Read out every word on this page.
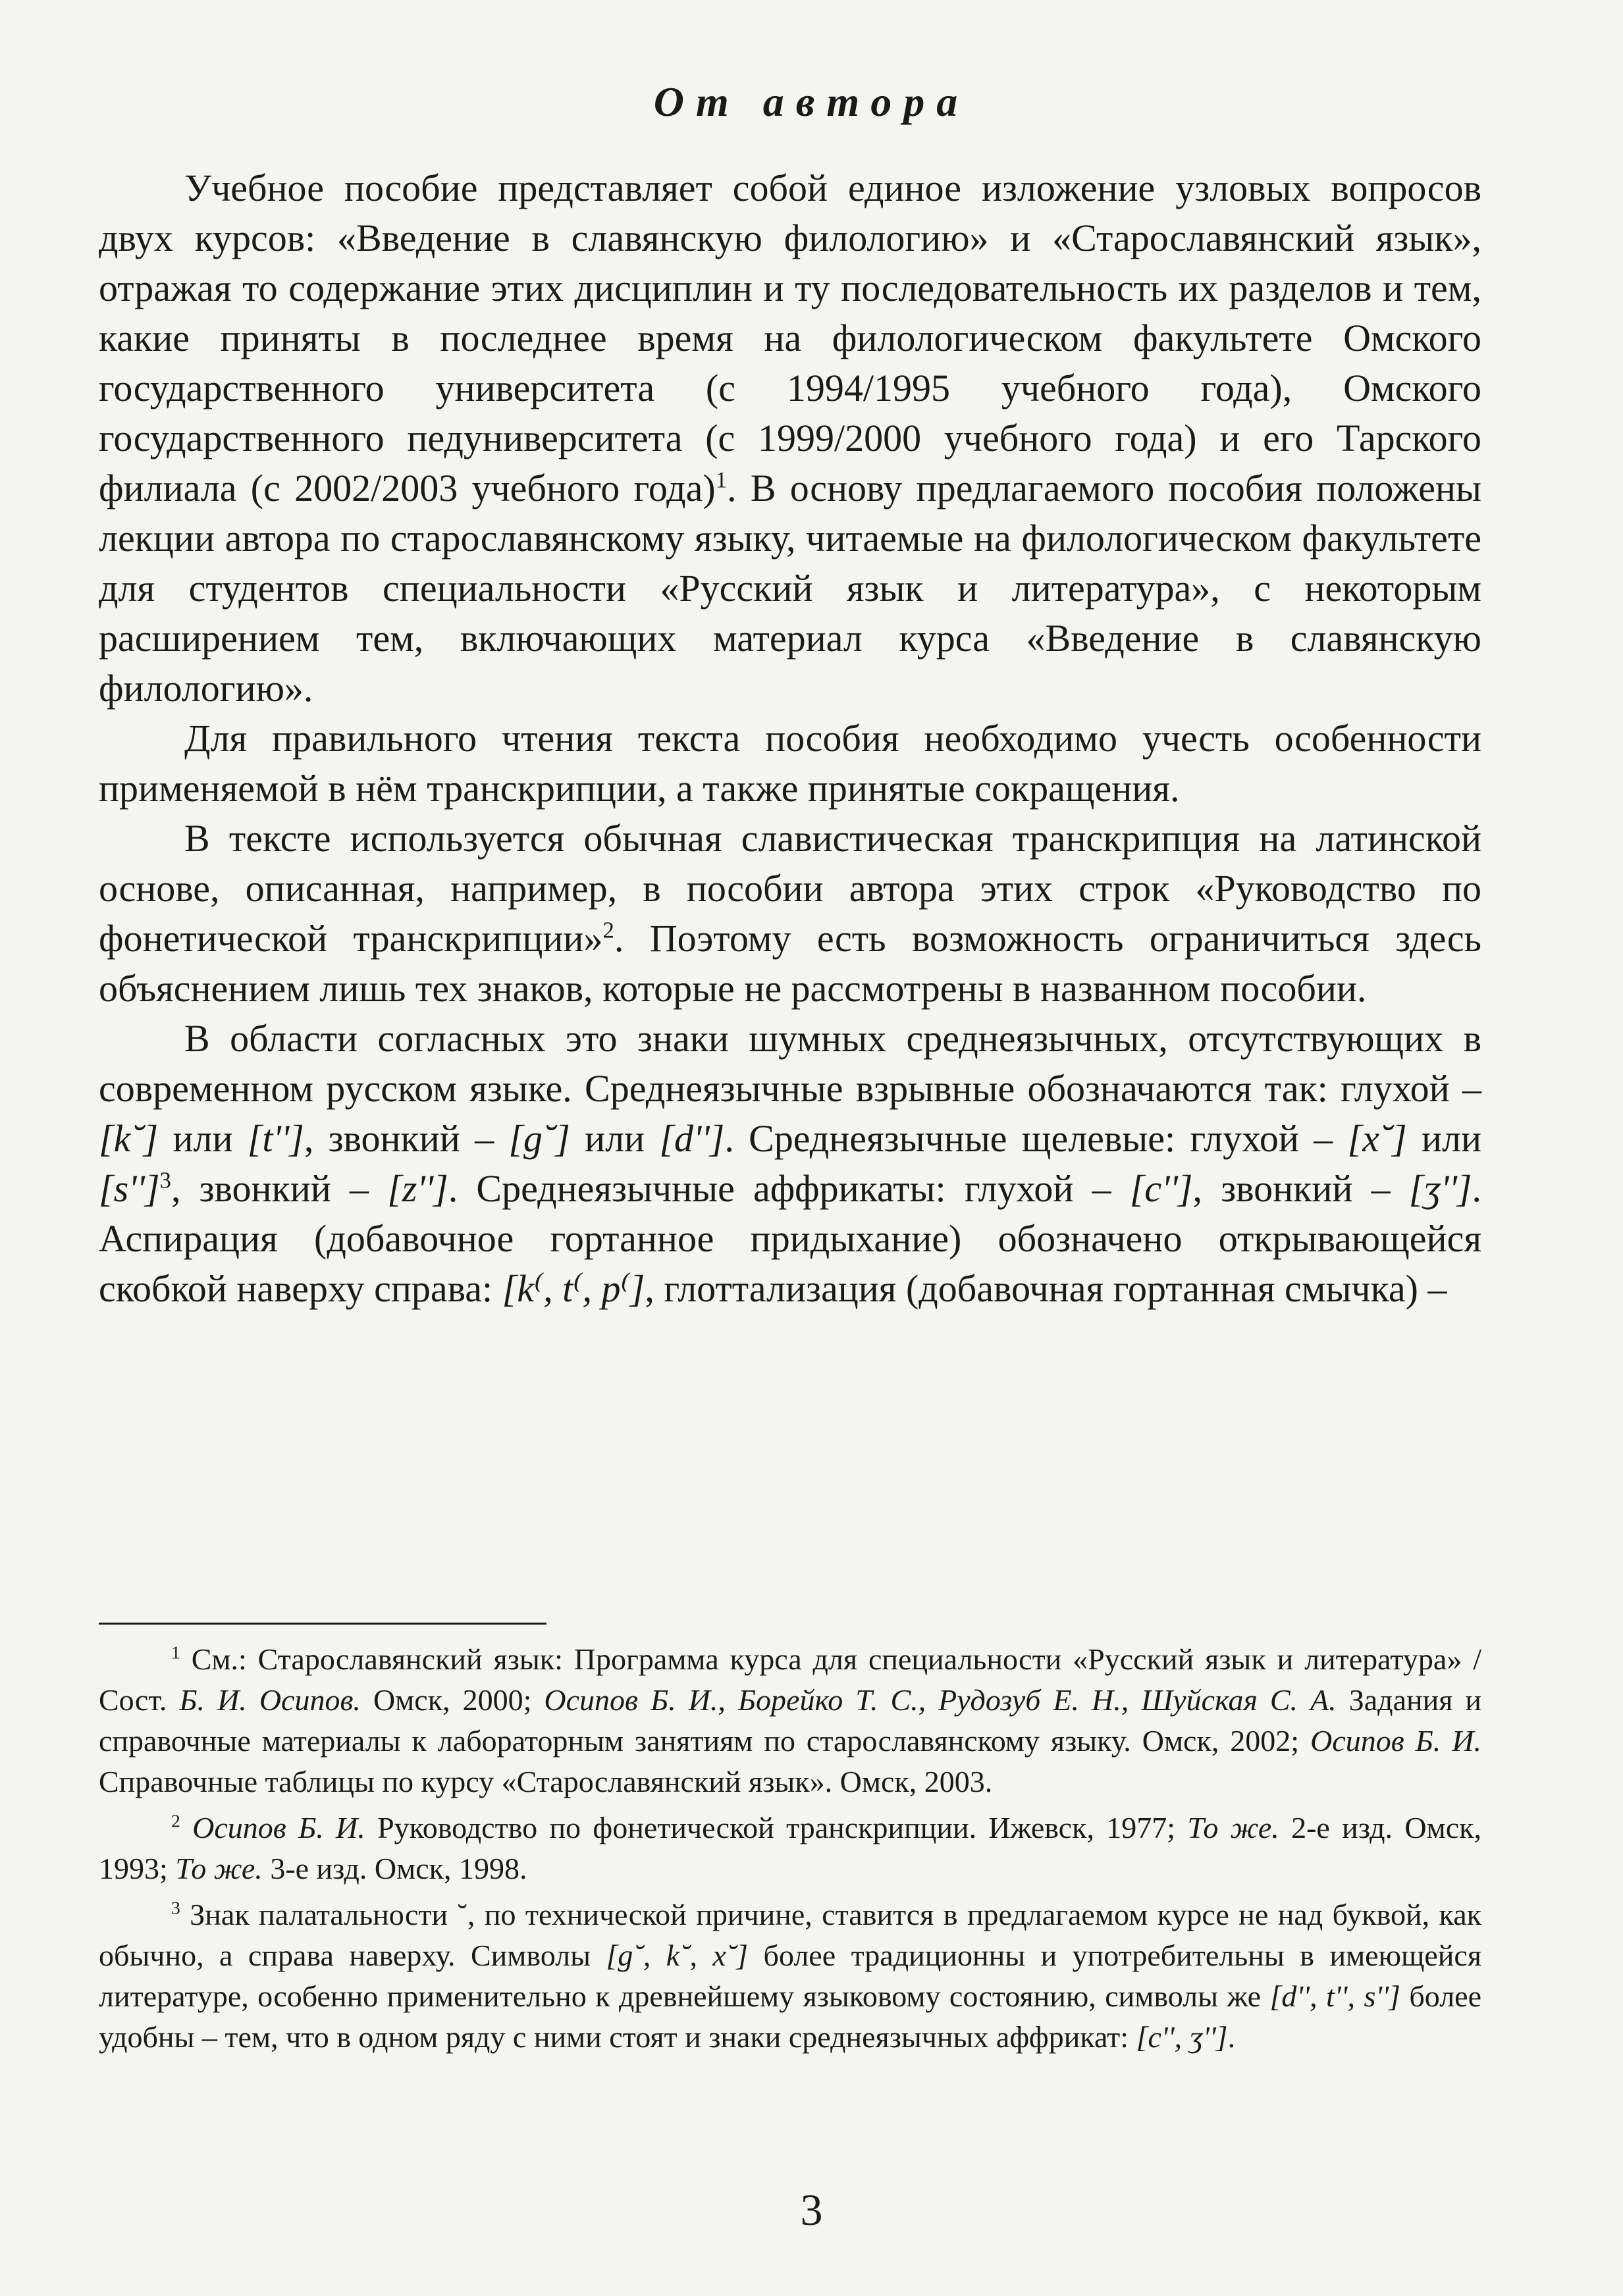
От автора

Учебное пособие представляет собой единое изложение узловых вопросов двух курсов: «Введение в славянскую филологию» и «Старославянский язык», отражая то содержание этих дисциплин и ту последовательность их разделов и тем, какие приняты в последнее время на филологическом факультете Омского государственного университета (с 1994/1995 учебного года), Омского государственного педуниверситета (с 1999/2000 учебного года) и его Тарского филиала (с 2002/2003 учебного года)$^1$. В основу предлагаемого пособия положены лекции автора по старославянскому языку, читаемые на филологическом факультете для студентов специальности «Русский язык и литература», с некоторым расширением тем, включающих материал курса «Введение в славянскую филологию».

Для правильного чтения текста пособия необходимо учесть особенности применяемой в нём транскрипции, а также принятые сокращения.

В тексте используется обычная славистическая транскрипция на латинской основе, описанная, например, в пособии автора этих строк «Руководство по фонетической транскрипции»$^2$. Поэтому есть возможность ограничиться здесь объяснением лишь тех знаков, которые не рассмотрены в названном пособии.

В области согласных это знаки шумных среднеязычных, отсутствующих в современном русском языке. Среднеязычные взрывные обозначаются так: глухой – [k˘] или [t''], звонкий – [g˘] или [d'']. Среднеязычные щелевые: глухой – [x˘] или $[s'']^3$, звонкий – [z'']. Среднеязычные аффрикаты: глухой – [c''], звонкий – [ʒ'']. Аспирация (добавочное гортанное придыхание) обозначено открывающейся скобкой наверху справа: [k⁽, t⁽, p⁽], глоттализация (добавочная гортанная смычка) –

$^1$ См.: Старославянский язык: Программа курса для специальности «Русский язык и литература» / Сост. Б. И. Осипов. Омск, 2000; Осипов Б. И., Борейко Т. С., Рудозуб Е. Н., Шуйская С. А. Задания и справочные материалы к лабораторным занятиям по старославянскому языку. Омск, 2002; Осипов Б. И. Справочные таблицы по курсу «Старославянский язык». Омск, 2003.

$^2$ Осипов Б. И. Руководство по фонетической транскрипции. Ижевск, 1977; То же. 2-е изд. Омск, 1993; То же. 3-е изд. Омск, 1998.

$^3$ Знак палатальности ˘, по технической причине, ставится в предлагаемом курсе не над буквой, как обычно, а справа наверху. Символы [g˘, k˘, x˘] более традиционны и употребительны в имеющейся литературе, особенно применительно к древнейшему языковому состоянию, символы же [d'', t'', s''] более удобны – тем, что в одном ряду с ними стоят и знаки среднеязычных аффрикат: [c'', ʒ''].

3
